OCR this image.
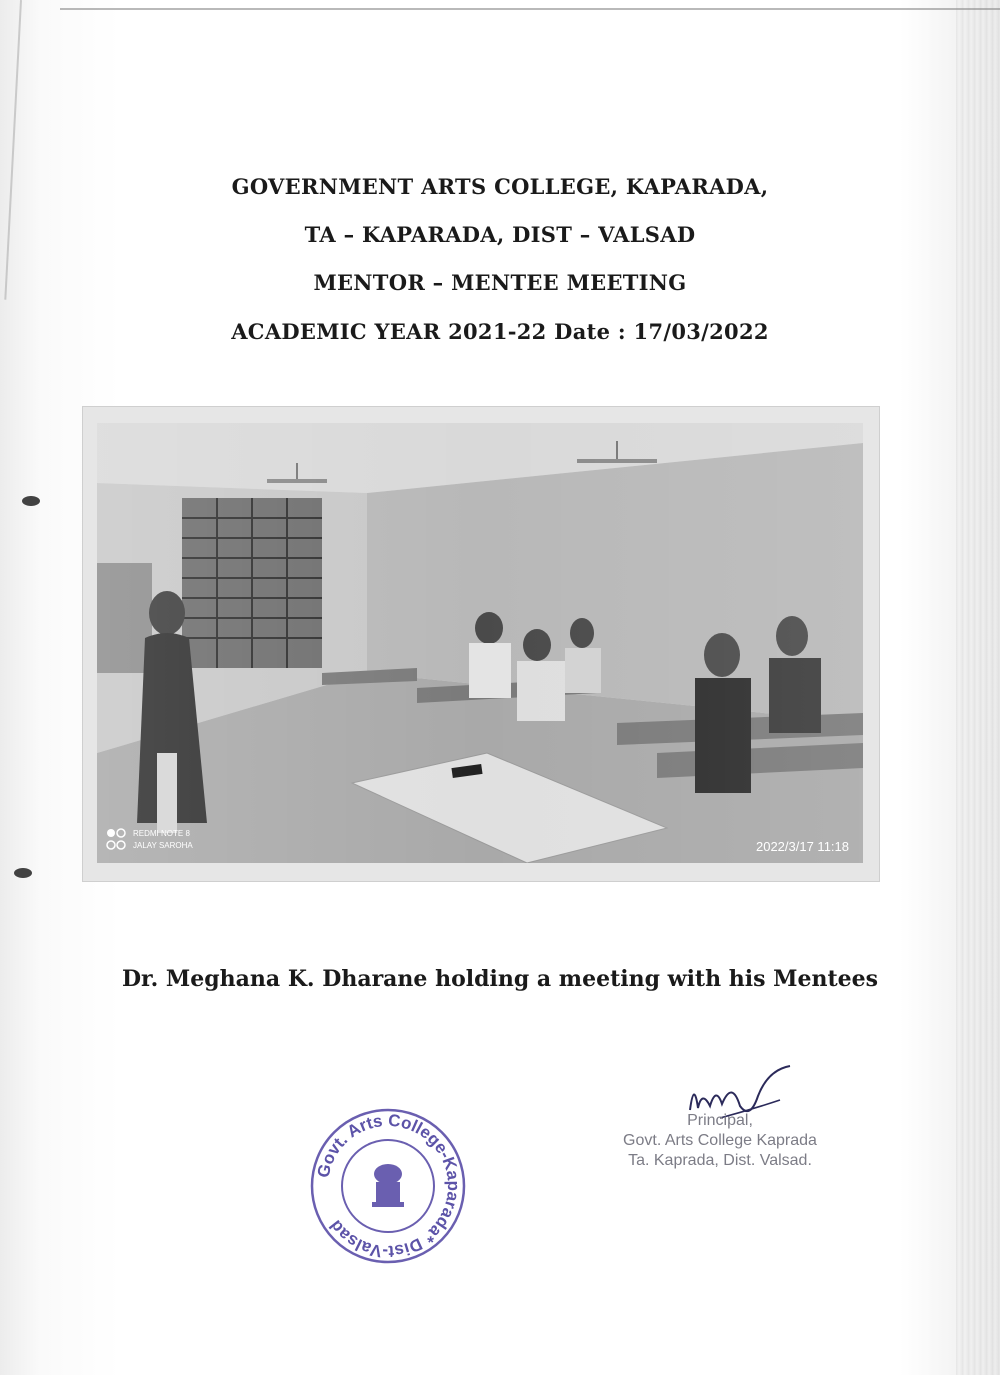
GOVERNMENT ARTS COLLEGE, KAPARADA,
TA – KAPARADA, DIST – VALSAD
MENTOR – MENTEE MEETING
ACADEMIC YEAR 2021-22 Date : 17/03/2022
REDMI NOTE 8
JALAY SAROHA	2022/3/17 11:18
Dr. Meghana K. Dharane holding a meeting with his Mentees
Govt. Arts College-Kaparada* Dist-Valsad
Principal,
Govt. Arts College Kaprada
Ta. Kaprada, Dist. Valsad.
